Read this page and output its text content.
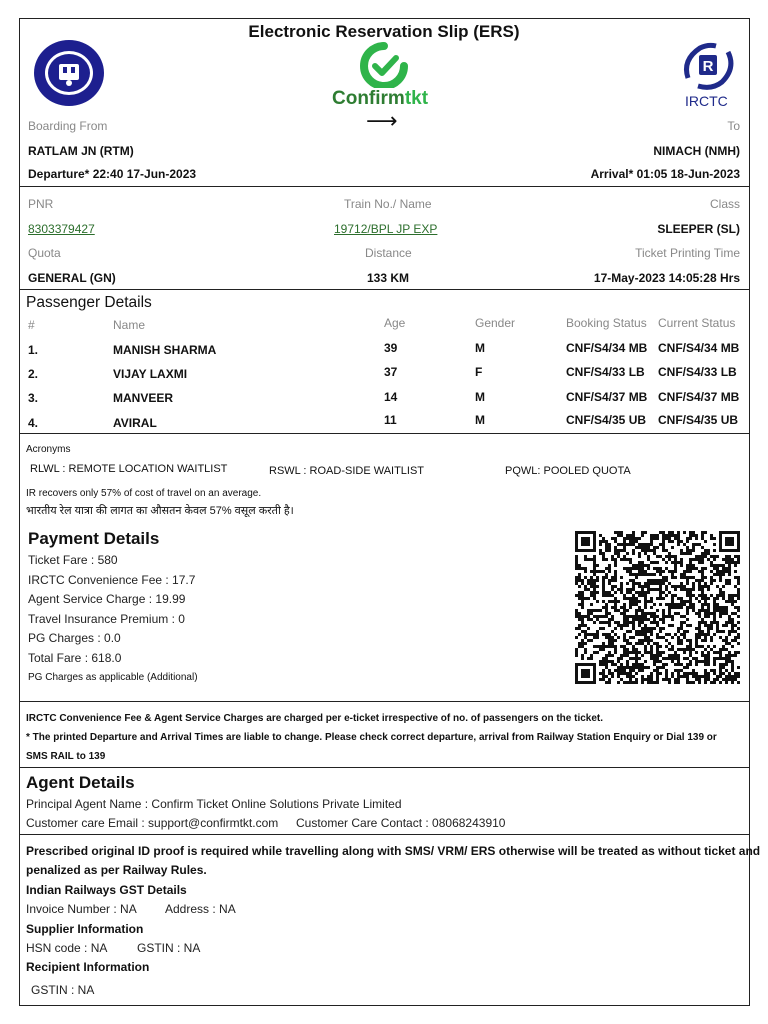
Electronic Reservation Slip (ERS)
Confirmtkt
R
IRCTC
Boarding From	⟶	To
RATLAM JN (RTM)	NIMACH (NMH)
Departure* 22:40 17-Jun-2023	Arrival* 01:05 18-Jun-2023
PNR	Train No./ Name	Class
8303379427	19712/BPL JP EXP	SLEEPER (SL)
Quota	Distance	Ticket Printing Time
GENERAL (GN)	133 KM	17-May-2023 14:05:28 Hrs
Passenger Details
#	Name	Age	Gender	Booking Status Current Status
1.	MANISH SHARMA	39	M	CNF/S4/34 MB CNF/S4/34 MB
2.	VIJAY LAXMI	37	F	CNF/S4/33 LB CNF/S4/33 LB
3.	MANVEER	14	M	CNF/S4/37 MB CNF/S4/37 MB
4.	AVIRAL	11	M	CNF/S4/35 UB CNF/S4/35 UB
Acronyms
RLWL : REMOTE LOCATION WAITLIST	RSWL : ROAD-SIDE WAITLIST	PQWL: POOLED QUOTA
IR recovers only 57% of cost of travel on an average.
भारतीय रेल यात्रा की लागत का औसतन केवल 57% वसूल करती है।
Payment Details
Ticket Fare : 580
IRCTC Convenience Fee : 17.7
Agent Service Charge : 19.99
Travel Insurance Premium : 0
PG Charges : 0.0
Total Fare : 618.0
PG Charges as applicable (Additional)
IRCTC Convenience Fee & Agent Service Charges are charged per e-ticket irrespective of no. of passengers on the ticket.
* The printed Departure and Arrival Times are liable to change. Please check correct departure, arrival from Railway Station Enquiry or Dial 139 or
SMS RAIL to 139
Agent Details
Principal Agent Name : Confirm Ticket Online Solutions Private Limited
Customer care Email : support@confirmtkt.com Customer Care Contact : 08068243910
Prescribed original ID proof is required while travelling along with SMS/ VRM/ ERS otherwise will be treated as without ticket and
penalized as per Railway Rules.
Indian Railways GST Details
Invoice Number : NA Address : NA
Supplier Information
HSN code : NA GSTIN : NA
Recipient Information
GSTIN : NA
